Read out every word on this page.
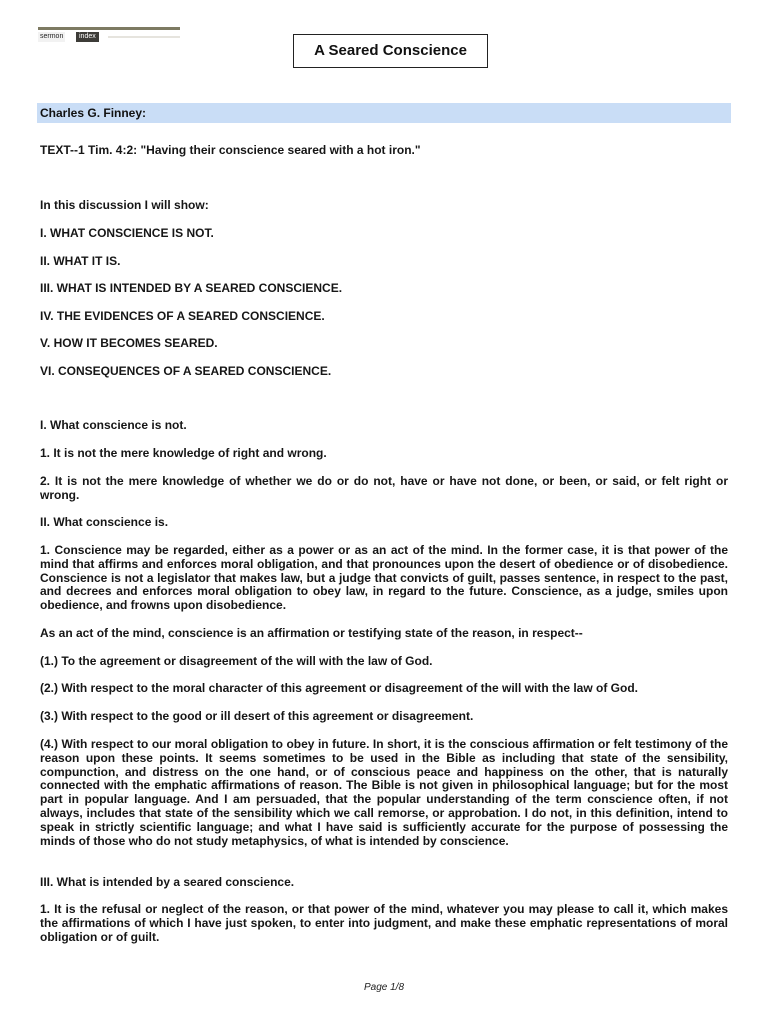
sermon	index
A Seared Conscience
Charles G. Finney:

TEXT--1 Tim. 4:2: "Having their conscience seared with a hot iron."

In this discussion I will show:

I. WHAT CONSCIENCE IS NOT.

II. WHAT IT IS.

III. WHAT IS INTENDED BY A SEARED CONSCIENCE.

IV. THE EVIDENCES OF A SEARED CONSCIENCE.

V. HOW IT BECOMES SEARED.

VI. CONSEQUENCES OF A SEARED CONSCIENCE.

I. What conscience is not.

1. It is not the mere knowledge of right and wrong.

2. It is not the mere knowledge of whether we do or do not, have or have not done, or been, or said, or felt right or wrong.

II. What conscience is.

1. Conscience may be regarded, either as a power or as an act of the mind. In the former case, it is that power of the mind that affirms and enforces moral obligation, and that pronounces upon the desert of obedience or of disobedience. Conscience is not a legislator that makes law, but a judge that convicts of guilt, passes sentence, in respect to the past, and decrees and enforces moral obligation to obey law, in regard to the future. Conscience, as a judge, smiles upon obedience, and frowns upon disobedience.

As an act of the mind, conscience is an affirmation or testifying state of the reason, in respect--

(1.) To the agreement or disagreement of the will with the law of God.

(2.) With respect to the moral character of this agreement or disagreement of the will with the law of God.

(3.) With respect to the good or ill desert of this agreement or disagreement.

(4.) With respect to our moral obligation to obey in future. In short, it is the conscious affirmation or felt testimony of the reason upon these points. It seems sometimes to be used in the Bible as including that state of the sensibility, compunction, and distress on the one hand, or of conscious peace and happiness on the other, that is naturally connected with the emphatic affirmations of reason. The Bible is not given in philosophical language; but for the most part in popular language. And I am persuaded, that the popular understanding of the term conscience often, if not always, includes that state of the sensibility which we call remorse, or approbation. I do not, in this definition, intend to speak in strictly scientific language; and what I have said is sufficiently accurate for the purpose of possessing the minds of those who do not study metaphysics, of what is intended by conscience.

III. What is intended by a seared conscience.

1. It is the refusal or neglect of the reason, or that power of the mind, whatever you may please to call it, which makes the affirmations of which I have just spoken, to enter into judgment, and make these emphatic representations of moral obligation or of guilt.

Page 1/8
